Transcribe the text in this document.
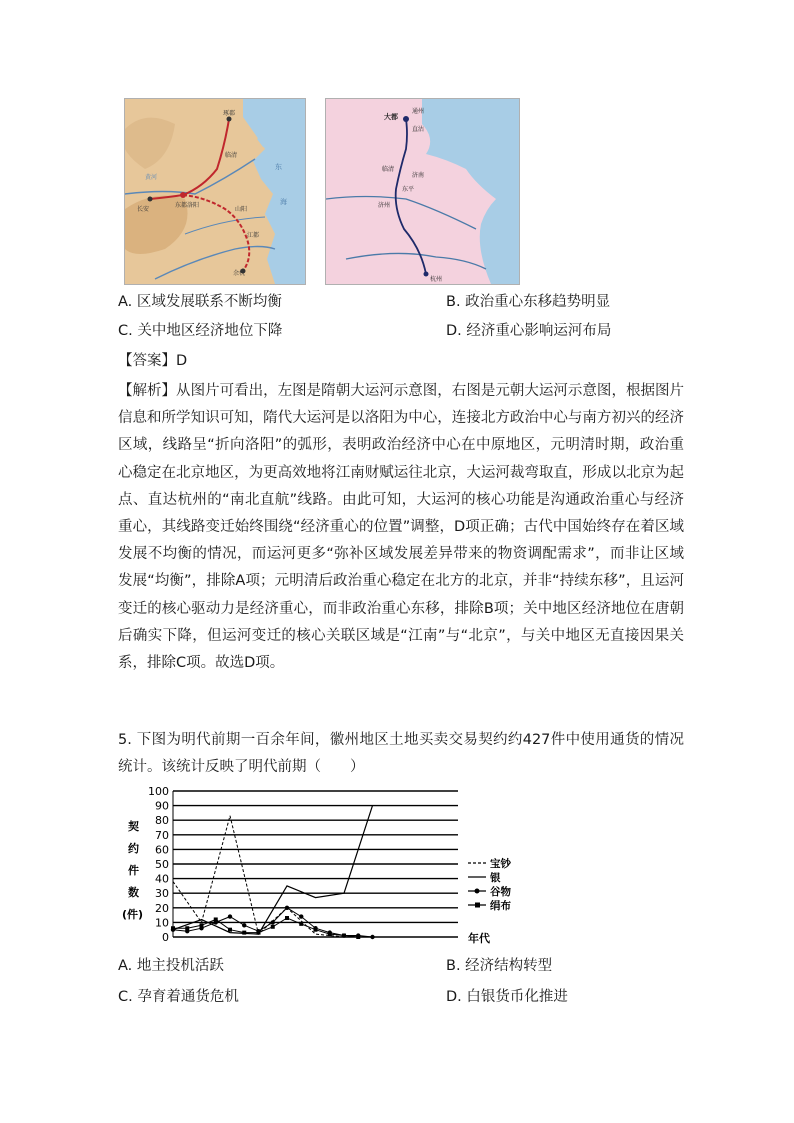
琢郡
临清
黄河
东
海
长安
东都洛阳
山阳
江都
余杭
大都
通州
直沽
临清
济南
东平
济州
杭州
A. 区域发展联系不断均衡	B. 政治重心东移趋势明显
C. 关中地区经济地位下降	D. 经济重心影响运河布局
【答案】D
【解析】从图片可看出，左图是隋朝大运河示意图，右图是元朝大运河示意图，根据图片信息和所学知识可知，隋代大运河是以洛阳为中心，连接北方政治中心与南方初兴的经济区域，线路呈“折向洛阳”的弧形，表明政治经济中心在中原地区，元明清时期，政治重心稳定在北京地区，为更高效地将江南财赋运往北京，大运河裁弯取直，形成以北京为起点、直达杭州的“南北直航”线路。由此可知，大运河的核心功能是沟通政治重心与经济重心，其线路变迁始终围绕“经济重心的位置”调整，D项正确；古代中国始终存在着区域发展不均衡的情况，而运河更多“弥补区域发展差异带来的物资调配需求”，而非让区域发展“均衡”，排除A项；元明清后政治重心稳定在北方的北京，并非“持续东移”，且运河变迁的核心驱动力是经济重心，而非政治重心东移，排除B项；关中地区经济地位在唐朝后确实下降，但运河变迁的核心关联区域是“江南”与“北京”，与关中地区无直接因果关系，排除C项。故选D项。
5. 下图为明代前期一百余年间，徽州地区土地买卖交易契约约427件中使用通货的情况统计。该统计反映了明代前期（　　）
0
10
20
30
40
50
60
70
80
90
100
契
约
件
数
(件)
宝钞
银
谷物
绢布
年代
A. 地主投机活跃	B. 经济结构转型
C. 孕育着通货危机	D. 白银货币化推进
